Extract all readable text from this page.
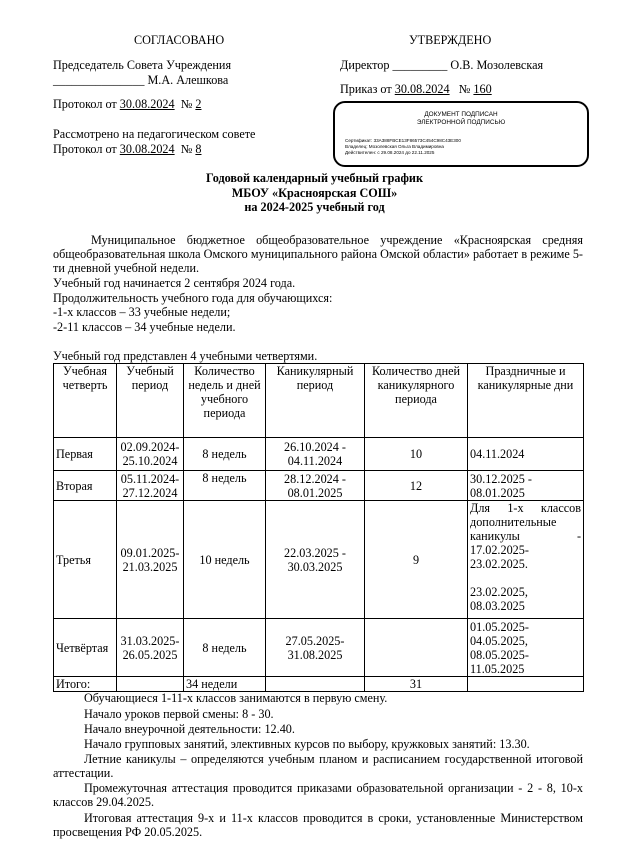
СОГЛАСОВАНО	УТВЕРЖДЕНО
Председатель Совета Учреждения
_______________ М.А. Алешкова
Протокол от 30.08.2024 № 2
Рассмотрено на педагогическом совете
Протокол от 30.08.2024 № 8
Директор _________ О.В. Мозолевская
Приказ от 30.08.2024 № 160
ДОКУМЕНТ ПОДПИСАН
ЭЛЕКТРОННОЙ ПОДПИСЬЮ
Сертификат: 33A388FBCE13F86573C454C98C43E300
Владелец: Мозолевская Ольга Владимировна
Действителен: с 29.08.2024 до 22.11.2025
Годовой календарный учебный график
МБОУ «Красноярская СОШ»
на 2024-2025 учебный год
Муниципальное бюджетное общеобразовательное учреждение «Красноярская средняя общеобразовательная школа Омского муниципального района Омской области» работает в режиме 5-ти дневной учебной недели.
Учебный год начинается 2 сентября 2024 года.
Продолжительность учебного года для обучающихся:
-1-х классов – 33 учебные недели;
-2-11 классов – 34 учебные недели.
Учебный год представлен 4 учебными четвертями.
Учебная четверть	Учебный период	Количество недель и дней учебного периода	Каникулярный период	Количество дней каникулярного периода	Праздничные и каникулярные дни
Первая	02.09.2024-25.10.2024	8 недель	26.10.2024 - 04.11.2024	10	04.11.2024
Вторая	05.11.2024-27.12.2024	8 недель	28.12.2024 - 08.01.2025	12	30.12.2025 - 08.01.2025
Третья	09.01.2025-21.03.2025	10 недель	22.03.2025 - 30.03.2025	9	Для 1-х классов дополнительные каникулы - 17.02.2025-23.02.2025.
23.02.2025, 08.03.2025

Четвёртая	31.03.2025-26.05.2025	8 недель	27.05.2025-31.08.2025		01.05.2025-04.05.2025, 08.05.2025-11.05.2025
Итого:		34 недели		31	
Обучающиеся 1-11-х классов занимаются в первую смену.
Начало уроков первой смены: 8 - 30.
Начало внеурочной деятельности: 12.40.
Начало групповых занятий, элективных курсов по выбору, кружковых занятий: 13.30.
Летние каникулы – определяются учебным планом и расписанием государственной итоговой аттестации.
Промежуточная аттестация проводится приказами образовательной организации - 2 - 8, 10-х классов 29.04.2025.
Итоговая аттестация 9-х и 11-х классов проводится в сроки, установленные Министерством просвещения РФ 20.05.2025.
